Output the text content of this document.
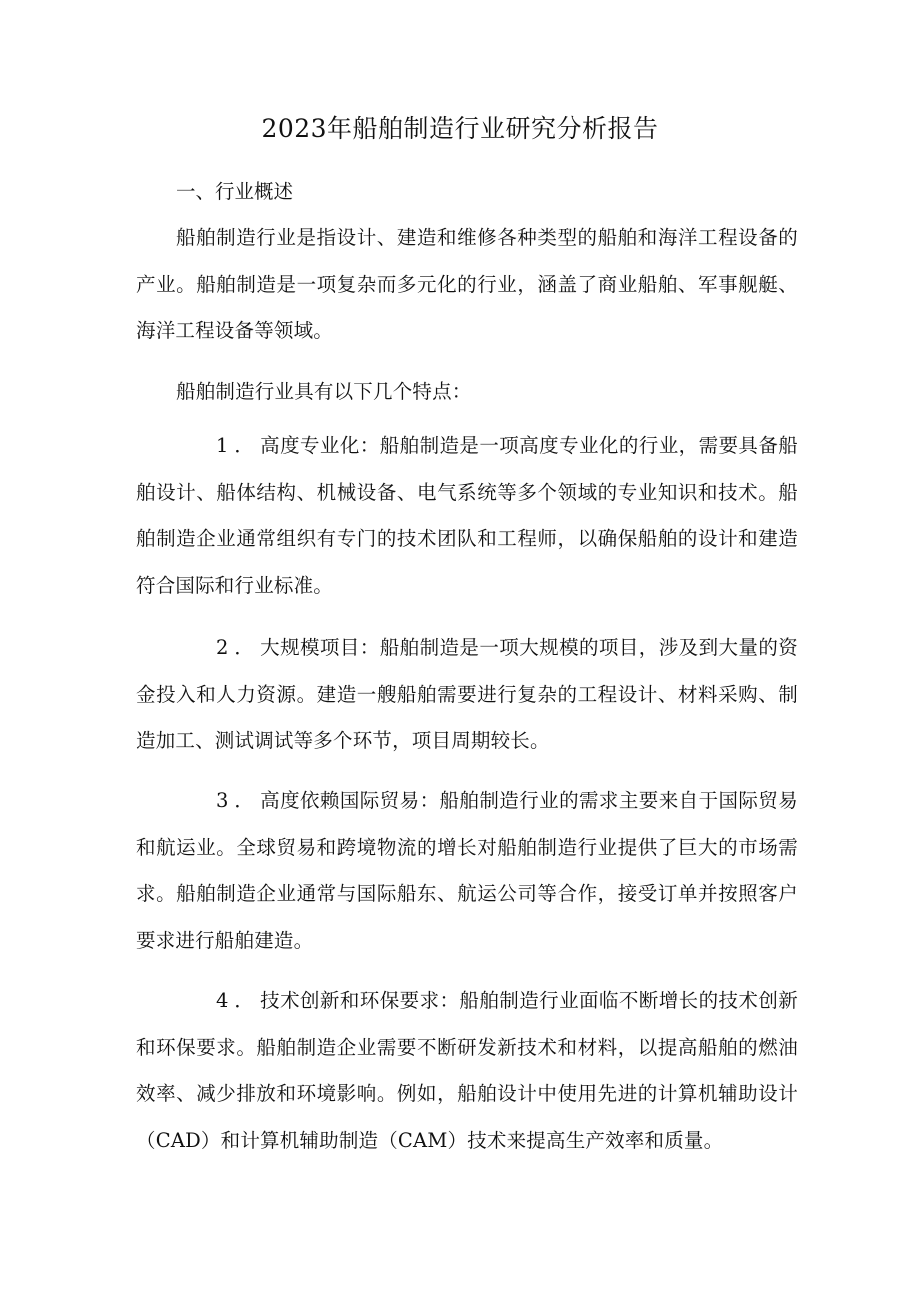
2023年船舶制造行业研究分析报告

一、行业概述

船舶制造行业是指设计、建造和维修各种类型的船舶和海洋工程设备的产业。船舶制造是一项复杂而多元化的行业，涵盖了商业船舶、军事舰艇、海洋工程设备等领域。

船舶制造行业具有以下几个特点：

1．高度专业化：船舶制造是一项高度专业化的行业，需要具备船舶设计、船体结构、机械设备、电气系统等多个领域的专业知识和技术。船舶制造企业通常组织有专门的技术团队和工程师，以确保船舶的设计和建造符合国际和行业标准。

2．大规模项目：船舶制造是一项大规模的项目，涉及到大量的资金投入和人力资源。建造一艘船舶需要进行复杂的工程设计、材料采购、制造加工、测试调试等多个环节，项目周期较长。

3．高度依赖国际贸易：船舶制造行业的需求主要来自于国际贸易和航运业。全球贸易和跨境物流的增长对船舶制造行业提供了巨大的市场需求。船舶制造企业通常与国际船东、航运公司等合作，接受订单并按照客户要求进行船舶建造。

4．技术创新和环保要求：船舶制造行业面临不断增长的技术创新和环保要求。船舶制造企业需要不断研发新技术和材料，以提高船舶的燃油效率、减少排放和环境影响。例如，船舶设计中使用先进的计算机辅助设计（CAD）和计算机辅助制造（CAM）技术来提高生产效率和质量。
